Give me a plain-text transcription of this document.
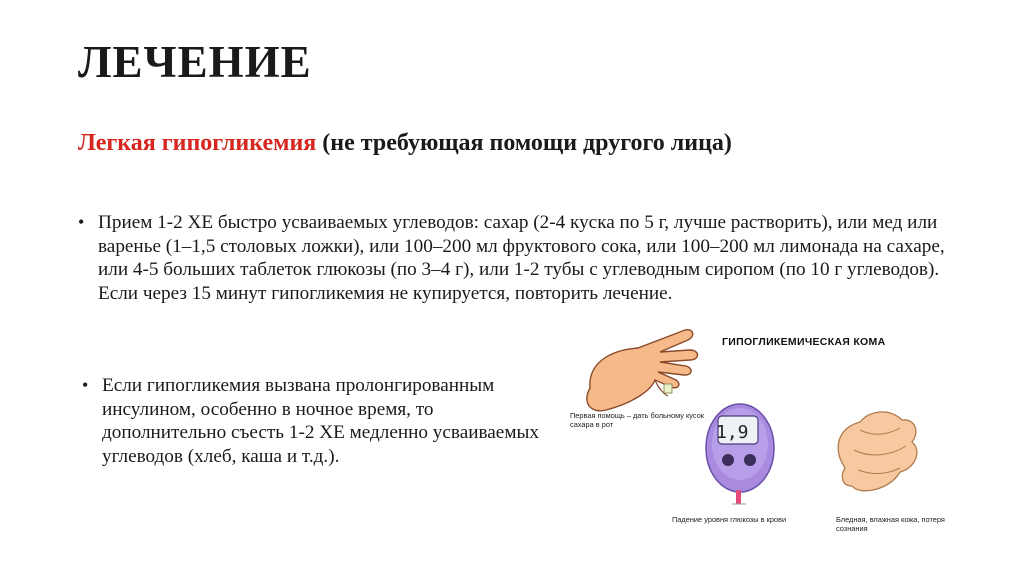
ЛЕЧЕНИЕ
Легкая гипогликемия (не требующая помощи другого лица)
• Прием 1-2 ХЕ быстро усваиваемых углеводов: сахар (2-4 куска по 5 г, лучше растворить), или мед или варенье (1–1,5 столовых ложки), или 100–200 мл фруктового сока, или 100–200 мл лимонада на сахаре, или 4-5 больших таблеток глюкозы (по 3–4 г), или 1-2 тубы с углеводным сиропом (по 10 г углеводов). Если через 15 минут гипогликемия не купируется, повторить лечение.
• Если гипогликемия вызвана пролонгированным инсулином, особенно в ночное время, то дополнительно съесть 1-2 ХЕ медленно усваиваемых углеводов (хлеб, каша и т.д.).
ГИПОГЛИКЕМИЧЕСКАЯ КОМА
1,9
Первая помощь – дать больному кусок сахара в рот
Падение уровня глюкозы в крови	Бледная, влажная кожа, потеря сознания
